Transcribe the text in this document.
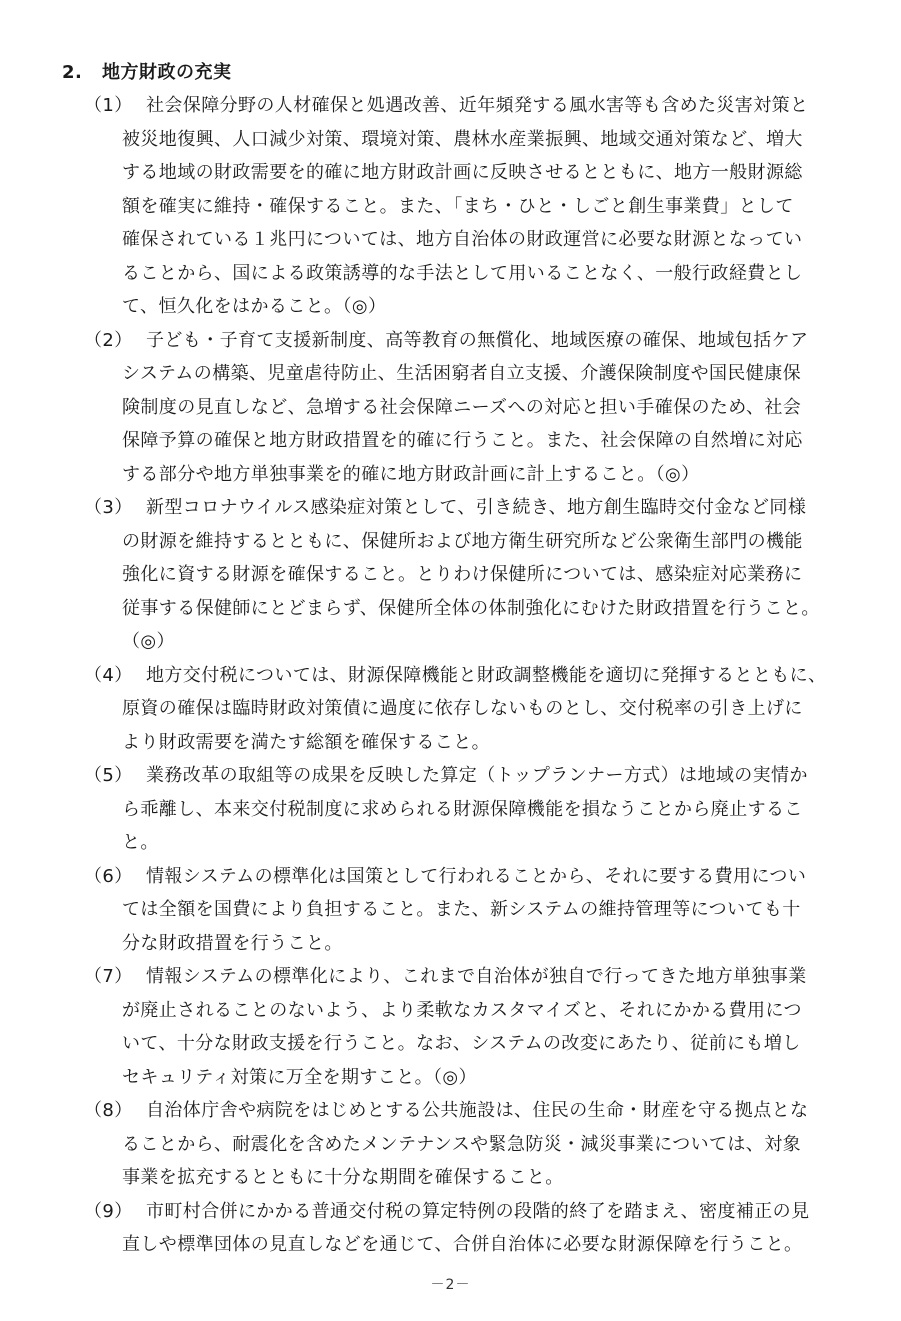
2. 地方財政の充実
（1） 社会保障分野の人材確保と処遇改善、近年頻発する風水害等も含めた災害対策と
被災地復興、人口減少対策、環境対策、農林水産業振興、地域交通対策など、増大
する地域の財政需要を的確に地方財政計画に反映させるとともに、地方一般財源総
額を確実に維持・確保すること。また、「まち・ひと・しごと創生事業費」として
確保されている１兆円については、地方自治体の財政運営に必要な財源となってい
ることから、国による政策誘導的な手法として用いることなく、一般行政経費とし
て、恒久化をはかること。（◎）
（2） 子ども・子育て支援新制度、高等教育の無償化、地域医療の確保、地域包括ケア
システムの構築、児童虐待防止、生活困窮者自立支援、介護保険制度や国民健康保
険制度の見直しなど、急増する社会保障ニーズへの対応と担い手確保のため、社会
保障予算の確保と地方財政措置を的確に行うこと。また、社会保障の自然増に対応
する部分や地方単独事業を的確に地方財政計画に計上すること。（◎）
（3） 新型コロナウイルス感染症対策として、引き続き、地方創生臨時交付金など同様
の財源を維持するとともに、保健所および地方衛生研究所など公衆衛生部門の機能
強化に資する財源を確保すること。とりわけ保健所については、感染症対応業務に
従事する保健師にとどまらず、保健所全体の体制強化にむけた財政措置を行うこと。
（◎）
（4） 地方交付税については、財源保障機能と財政調整機能を適切に発揮するとともに、
原資の確保は臨時財政対策債に過度に依存しないものとし、交付税率の引き上げに
より財政需要を満たす総額を確保すること。
（5） 業務改革の取組等の成果を反映した算定（トップランナー方式）は地域の実情か
ら乖離し、本来交付税制度に求められる財源保障機能を損なうことから廃止するこ
と。
（6） 情報システムの標準化は国策として行われることから、それに要する費用につい
ては全額を国費により負担すること。また、新システムの維持管理等についても十
分な財政措置を行うこと。
（7） 情報システムの標準化により、これまで自治体が独自で行ってきた地方単独事業
が廃止されることのないよう、より柔軟なカスタマイズと、それにかかる費用につ
いて、十分な財政支援を行うこと。なお、システムの改変にあたり、従前にも増し
セキュリティ対策に万全を期すこと。（◎）
（8） 自治体庁舎や病院をはじめとする公共施設は、住民の生命・財産を守る拠点とな
ることから、耐震化を含めたメンテナンスや緊急防災・減災事業については、対象
事業を拡充するとともに十分な期間を確保すること。
（9） 市町村合併にかかる普通交付税の算定特例の段階的終了を踏まえ、密度補正の見
直しや標準団体の見直しなどを通じて、合併自治体に必要な財源保障を行うこと。
－2－
